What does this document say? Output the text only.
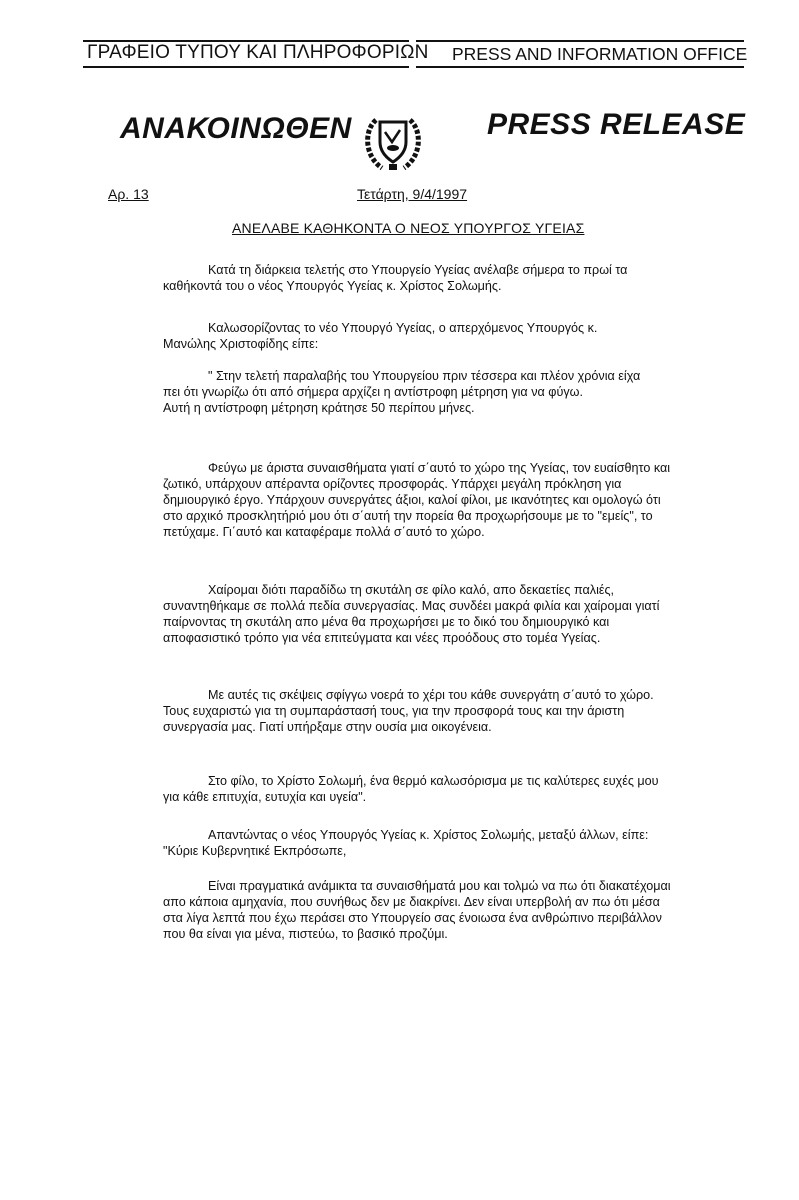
ΓΡΑΦΕΙΟ ΤΥΠΟΥ ΚΑΙ ΠΛΗΡΟΦΟΡΙΩΝ PRESS AND INFORMATION OFFICE
ΑΝΑΚΟΙΝΩΘΕΝ	PRESS RELEASE
Αρ. 13	Τετάρτη, 9/4/1997
ΑΝΕΛΑΒΕ ΚΑΘΗΚΟΝΤΑ Ο ΝΕΟΣ ΥΠΟΥΡΓΟΣ ΥΓΕΙΑΣ
Κατά τη διάρκεια τελετής στο Υπουργείο Υγείας ανέλαβε σήμερα το πρωί τα καθήκοντά του ο νέος Υπουργός Υγείας κ. Χρίστος Σολωμής.
Καλωσορίζοντας το νέο Υπουργό Υγείας, ο απερχόμενος Υπουργός κ. Μανώλης Χριστοφίδης είπε:

" Στην τελετή παραλαβής του Υπουργείου πριν τέσσερα και πλέον χρόνια είχα πει ότι γνωρίζω ότι από σήμερα αρχίζει η αντίστροφη μέτρηση για να φύγω.

Αυτή η αντίστροφη μέτρηση κράτησε 50 περίπου μήνες.

Φεύγω με άριστα συναισθήματα γιατί σ΄αυτό το χώρο της Υγείας, τον ευαίσθητο και ζωτικό, υπάρχουν απέραντα ορίζοντες προσφοράς. Υπάρχει μεγάλη πρόκληση για δημιουργικό έργο. Υπάρχουν συνεργάτες άξιοι, καλοί φίλοι, με ικανότητες και ομολογώ ότι στο αρχικό προσκλητήριό μου ότι σ΄αυτή την πορεία θα προχωρήσουμε με το "εμείς", το πετύχαμε. Γι΄αυτό και καταφέραμε πολλά σ΄αυτό το χώρο.
Χαίρομαι διότι παραδίδω τη σκυτάλη σε φίλο καλό, απο δεκαετίες παλιές, συναντηθήκαμε σε πολλά πεδία συνεργασίας. Μας συνδέει μακρά φιλία και χαίρομαι γιατί παίρνοντας τη σκυτάλη απο μένα θα προχωρήσει με το δικό του δημιουργικό και αποφασιστικό τρόπο για νέα επιτεύγματα και νέες προόδους στο τομέα Υγείας.
Με αυτές τις σκέψεις σφίγγω νοερά το χέρι του κάθε συνεργάτη σ΄αυτό το χώρο. Τους ευχαριστώ για τη συμπαράστασή τους, για την προσφορά τους και την άριστη συνεργασία μας. Γιατί υπήρξαμε στην ουσία μια οικογένεια.
Στο φίλο, το Χρίστο Σολωμή, ένα θερμό καλωσόρισμα με τις καλύτερες ευχές μου για κάθε επιτυχία, ευτυχία και υγεία".
Απαντώντας ο νέος Υπουργός Υγείας κ. Χρίστος Σολωμής, μεταξύ άλλων, είπε: "Κύριε Κυβερνητικέ Εκπρόσωπε,
Είναι πραγματικά ανάμικτα τα συναισθήματά μου και τολμώ να πω ότι διακατέχομαι απο κάποια αμηχανία, που συνήθως δεν με διακρίνει. Δεν είναι υπερβολή αν πω ότι μέσα στα λίγα λεπτά που έχω περάσει στο Υπουργείο σας ένοιωσα ένα ανθρώπινο περιβάλλον που θα είναι για μένα, πιστεύω, το βασικό προζύμι.
